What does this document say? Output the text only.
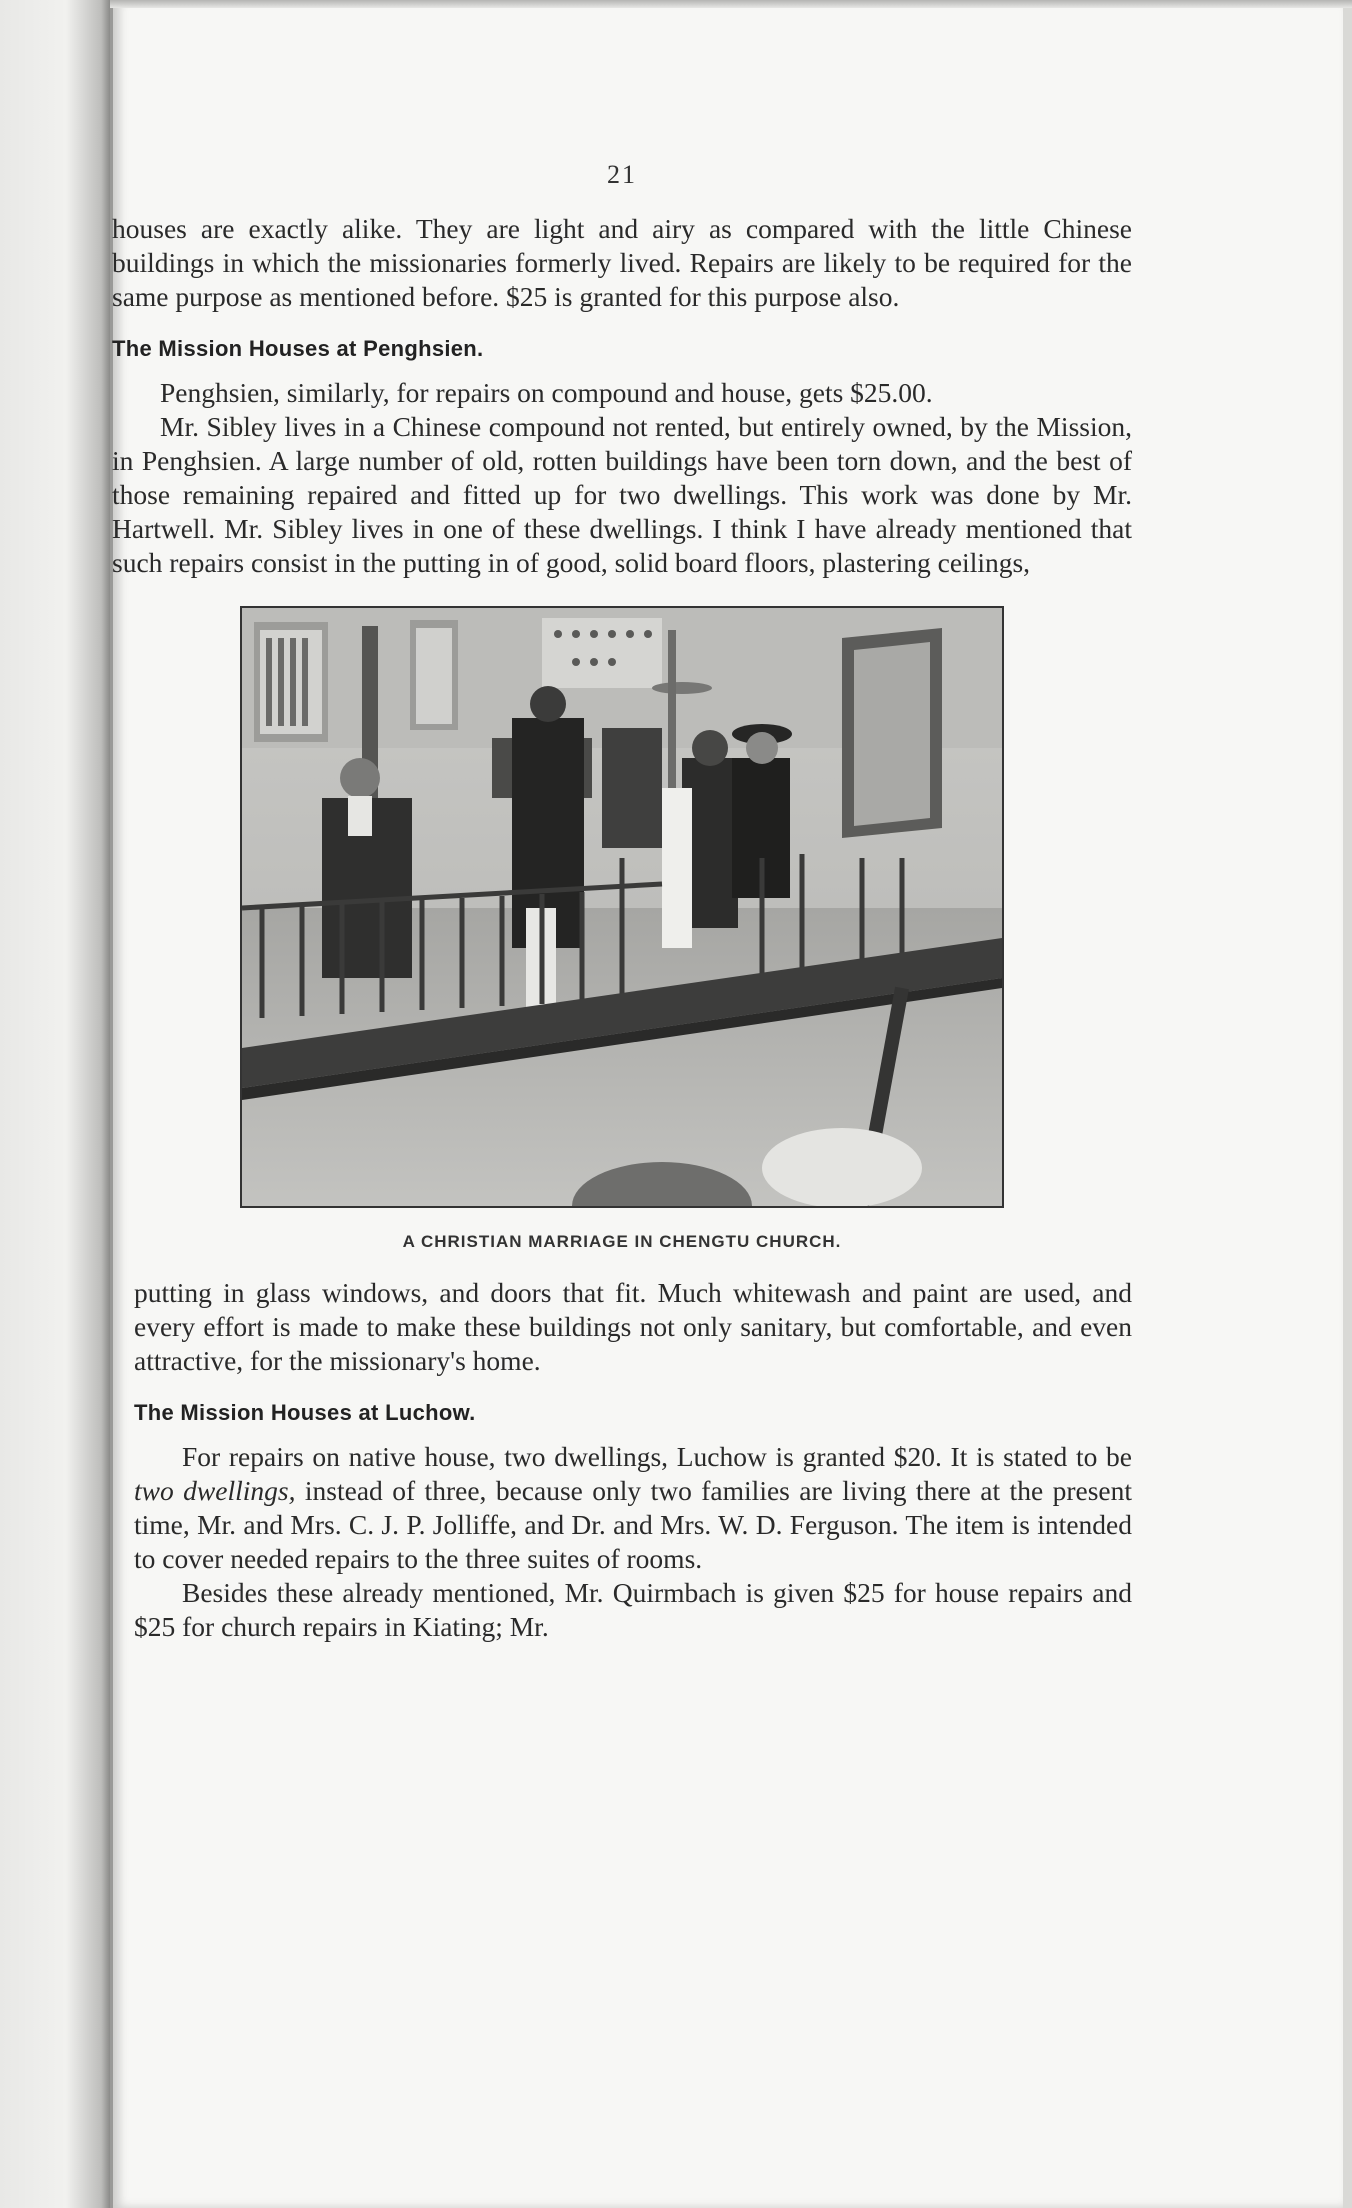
21

houses are exactly alike. They are light and airy as compared with the little Chinese buildings in which the missionaries formerly lived. Repairs are likely to be required for the same purpose as mentioned before. $25 is granted for this purpose also.

The Mission Houses at Penghsien.

Penghsien, similarly, for repairs on compound and house, gets $25.00.

Mr. Sibley lives in a Chinese compound not rented, but entirely owned, by the Mission, in Penghsien. A large number of old, rotten buildings have been torn down, and the best of those remaining repaired and fitted up for two dwellings. This work was done by Mr. Hartwell. Mr. Sibley lives in one of these dwellings. I think I have already mentioned that such repairs consist in the putting in of good, solid board floors, plastering ceilings,

A CHRISTIAN MARRIAGE IN CHENGTU CHURCH.

putting in glass windows, and doors that fit. Much whitewash and paint are used, and every effort is made to make these buildings not only sanitary, but comfortable, and even attractive, for the missionary's home.

The Mission Houses at Luchow.

For repairs on native house, two dwellings, Luchow is granted $20. It is stated to be two dwellings, instead of three, because only two families are living there at the present time, Mr. and Mrs. C. J. P. Jolliffe, and Dr. and Mrs. W. D. Ferguson. The item is intended to cover needed repairs to the three suites of rooms.

Besides these already mentioned, Mr. Quirmbach is given $25 for house repairs and $25 for church repairs in Kiating; Mr.
